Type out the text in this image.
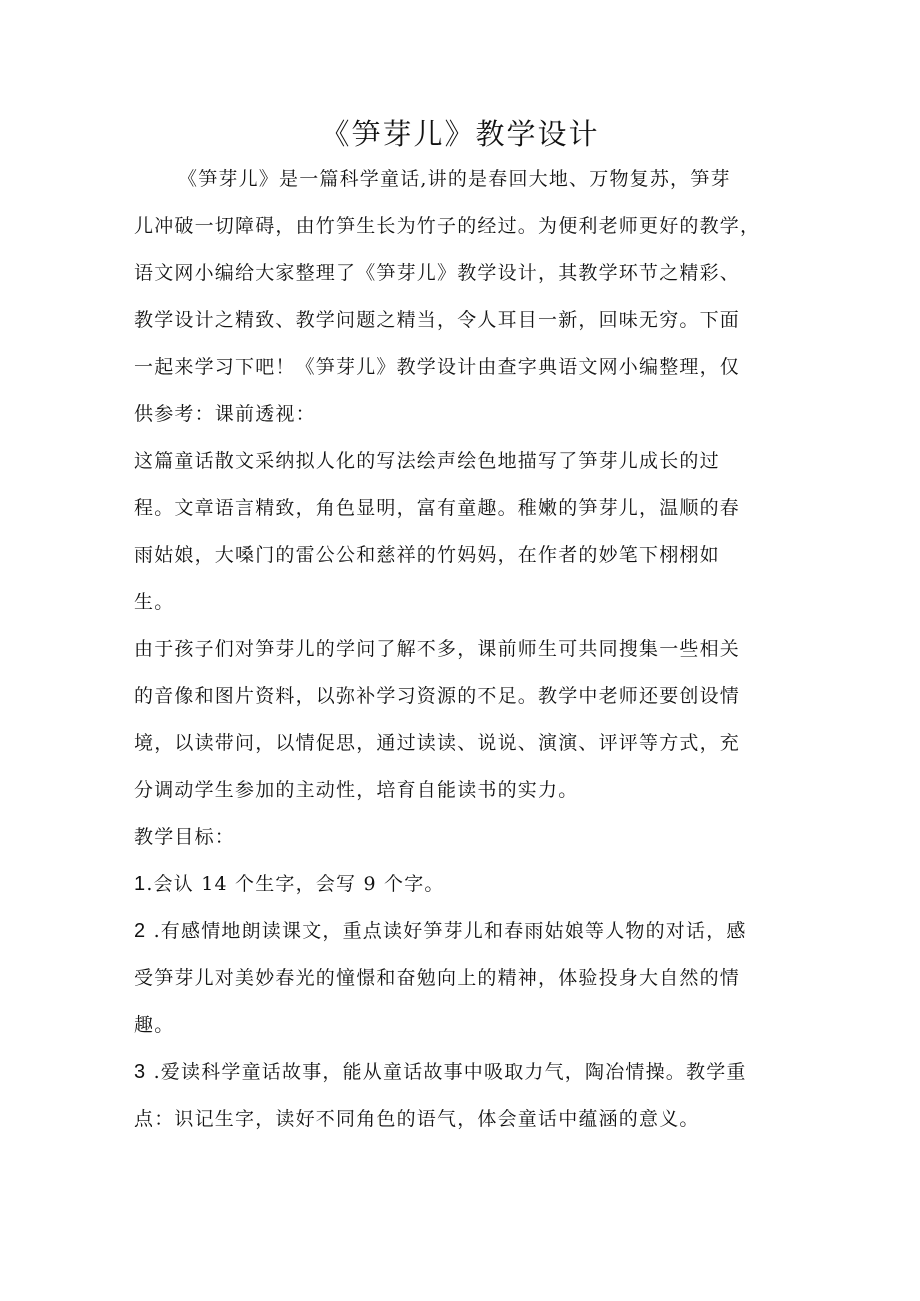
《笋芽儿》教学设计
《笋芽儿》是一篇科学童话,讲的是春回大地、万物复苏，笋芽
儿冲破一切障碍，由竹笋生长为竹子的经过。为便利老师更好的教学，
语文网小编给大家整理了《笋芽儿》教学设计，其教学环节之精彩、
教学设计之精致、教学问题之精当，令人耳目一新，回味无穷。下面
一起来学习下吧！《笋芽儿》教学设计由查字典语文网小编整理，仅
供参考：课前透视：
这篇童话散文采纳拟人化的写法绘声绘色地描写了笋芽儿成长的过
程。文章语言精致，角色显明，富有童趣。稚嫩的笋芽儿，温顺的春
雨姑娘，大嗓门的雷公公和慈祥的竹妈妈，在作者的妙笔下栩栩如
生。
由于孩子们对笋芽儿的学问了解不多，课前师生可共同搜集一些相关
的音像和图片资料，以弥补学习资源的不足。教学中老师还要创设情
境，以读带问，以情促思，通过读读、说说、演演、评评等方式，充
分调动学生参加的主动性，培育自能读书的实力。
教学目标：
1.会认 14 个生字，会写 9 个字。
2 .有感情地朗读课文，重点读好笋芽儿和春雨姑娘等人物的对话，感
受笋芽儿对美妙春光的憧憬和奋勉向上的精神，体验投身大自然的情
趣。
3 .爱读科学童话故事，能从童话故事中吸取力气，陶冶情操。教学重
点：识记生字，读好不同角色的语气，体会童话中蕴涵的意义。
